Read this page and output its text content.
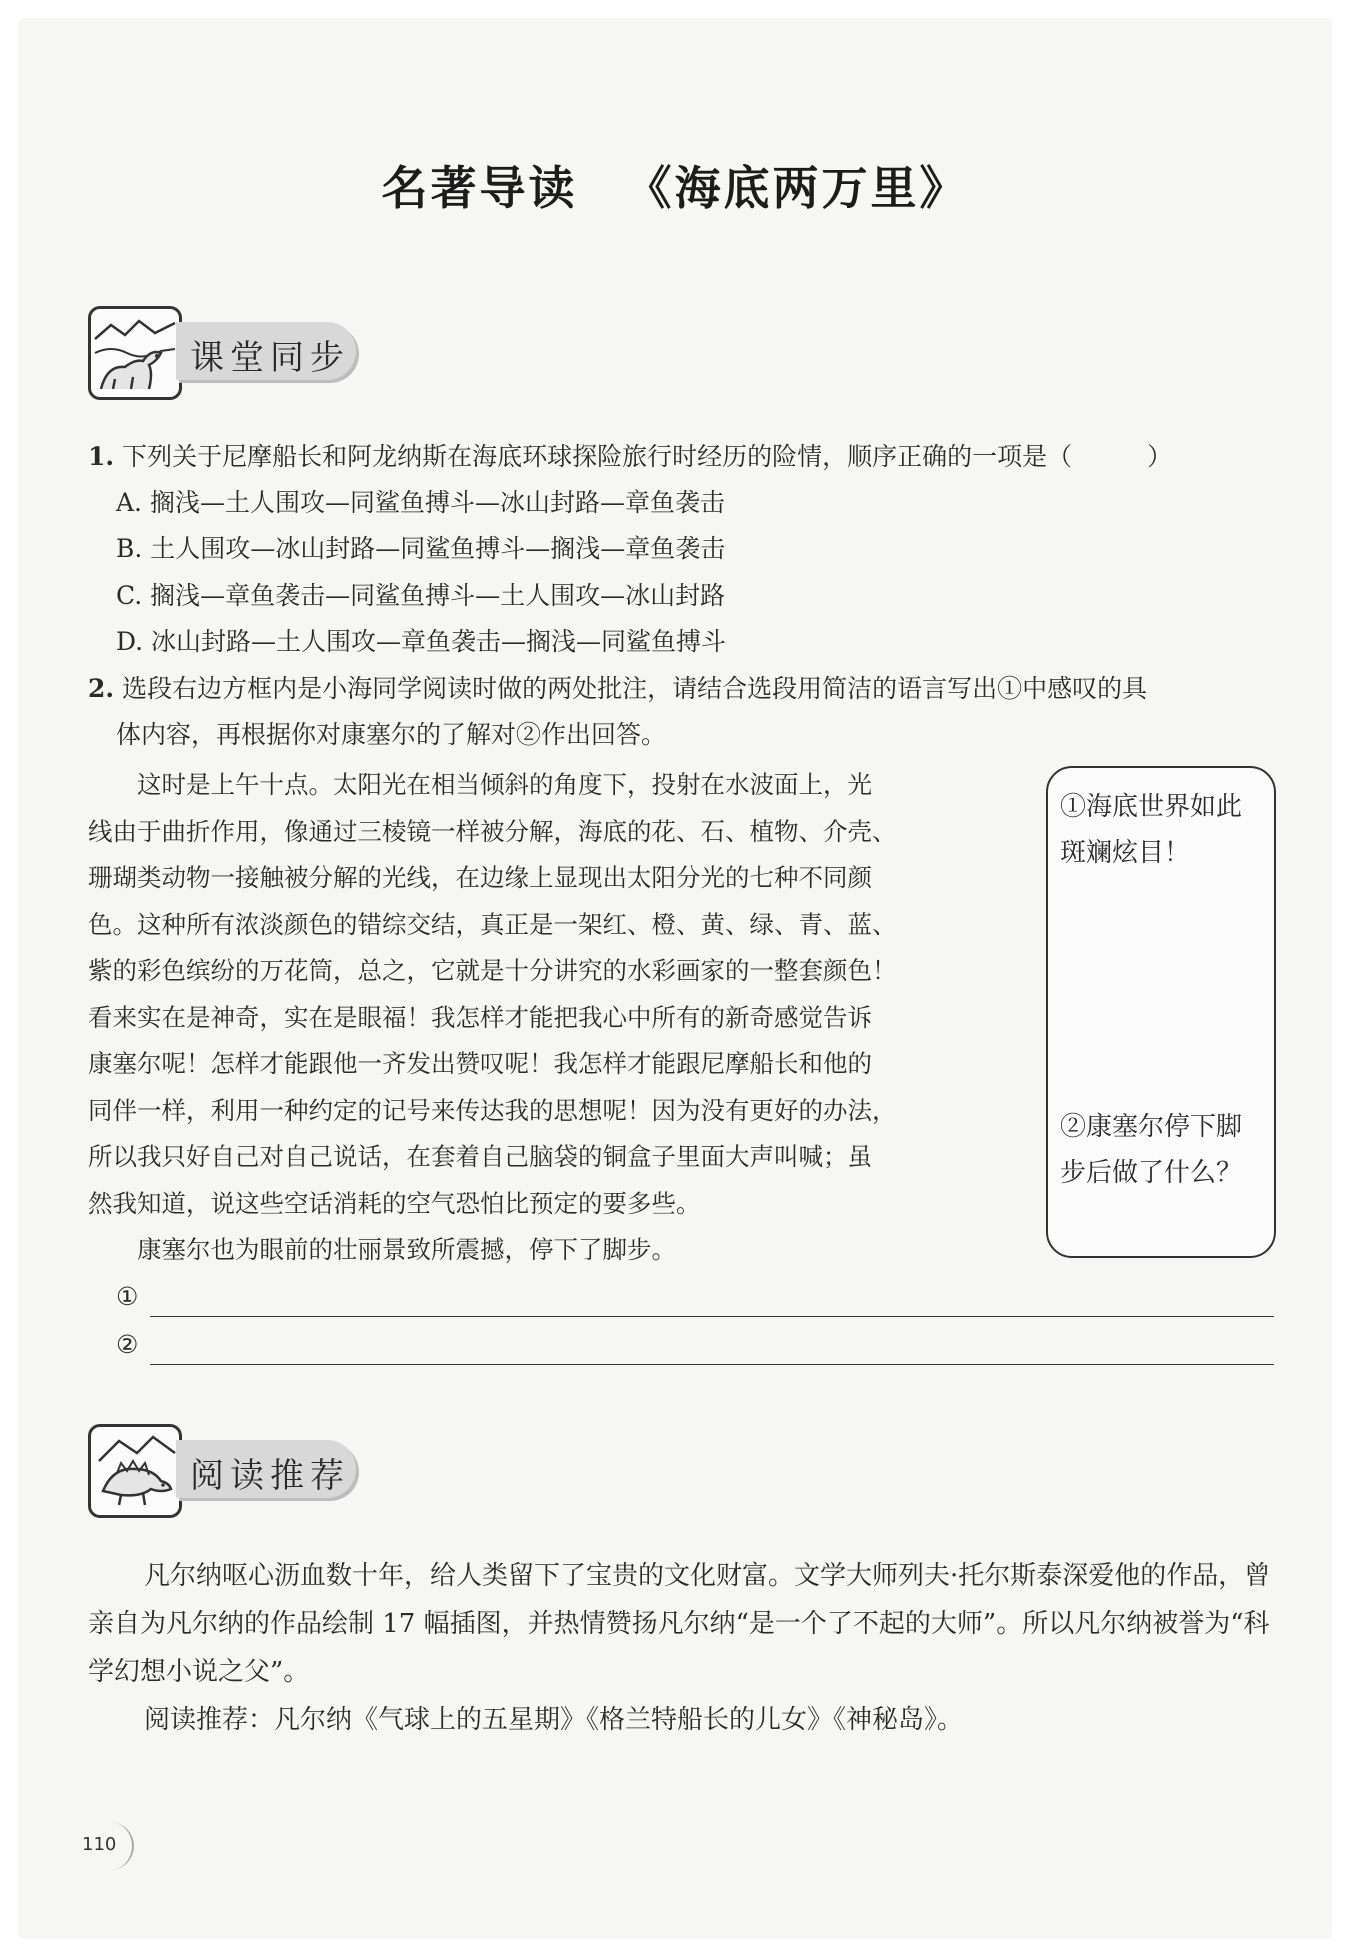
名著导读 《海底两万里》
课堂同步
1. 下列关于尼摩船长和阿龙纳斯在海底环球探险旅行时经历的险情，顺序正确的一项是（　　　）
A. 搁浅—土人围攻—同鲨鱼搏斗—冰山封路—章鱼袭击
B. 土人围攻—冰山封路—同鲨鱼搏斗—搁浅—章鱼袭击
C. 搁浅—章鱼袭击—同鲨鱼搏斗—土人围攻—冰山封路
D. 冰山封路—土人围攻—章鱼袭击—搁浅—同鲨鱼搏斗
2. 选段右边方框内是小海同学阅读时做的两处批注，请结合选段用简洁的语言写出①中感叹的具
体内容，再根据你对康塞尔的了解对②作出回答。

　　这时是上午十点。太阳光在相当倾斜的角度下，投射在水波面上，光

线由于曲折作用，像通过三棱镜一样被分解，海底的花、石、植物、介壳、

珊瑚类动物一接触被分解的光线，在边缘上显现出太阳分光的七种不同颜

色。这种所有浓淡颜色的错综交结，真正是一架红、橙、黄、绿、青、蓝、

紫的彩色缤纷的万花筒，总之，它就是十分讲究的水彩画家的一整套颜色！

看来实在是神奇，实在是眼福！我怎样才能把我心中所有的新奇感觉告诉

康塞尔呢！怎样才能跟他一齐发出赞叹呢！我怎样才能跟尼摩船长和他的

同伴一样，利用一种约定的记号来传达我的思想呢！因为没有更好的办法，

所以我只好自己对自己说话，在套着自己脑袋的铜盒子里面大声叫喊；虽

然我知道，说这些空话消耗的空气恐怕比预定的要多些。

　　康塞尔也为眼前的壮丽景致所震撼，停下了脚步。

①海底世界如此
斑斓炫目！
②康塞尔停下脚
步后做了什么？
①
②
阅读推荐

凡尔纳呕心沥血数十年，给人类留下了宝贵的文化财富。文学大师列夫·托尔斯泰深爱他的作品，曾亲自为凡尔纳的作品绘制 17 幅插图，并热情赞扬凡尔纳“是一个了不起的大师”。所以凡尔纳被誉为“科学幻想小说之父”。

阅读推荐：凡尔纳《气球上的五星期》《格兰特船长的儿女》《神秘岛》。

110
